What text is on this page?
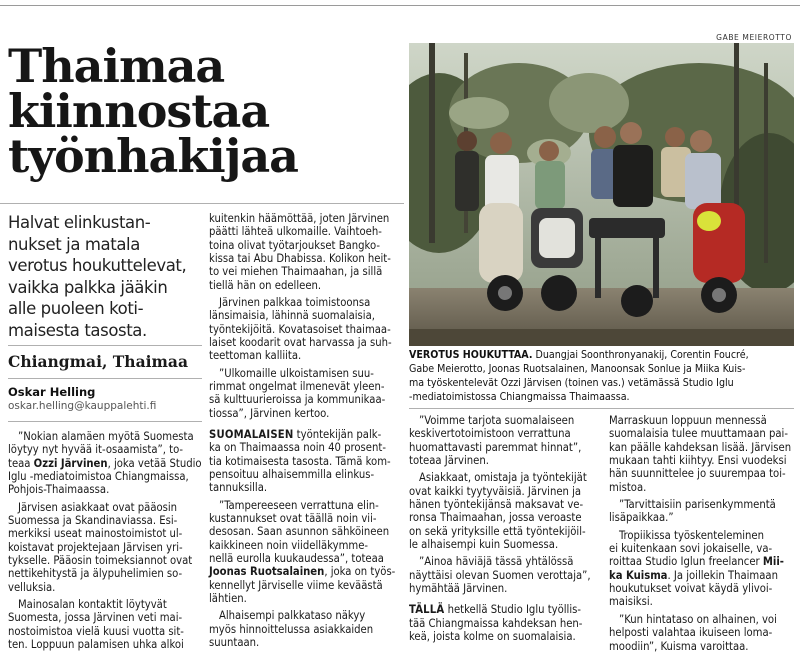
GABE MEIEROTTO
Thaimaa
kiinnostaa
työnhakijaa

Halvat elinkustan-
nukset ja matala
verotus houkuttelevat,
vaikka palkka jääkin
alle puoleen koti-
maisesta tasosta.

Chiangmai, Thaimaa
Oskar Helling
oskar.helling@kauppalehti.fi

VEROTUS HOUKUTTAA. Duangjai Soonthronyanakij, Corentin Foucré,
Gabe Meierotto, Joonas Ruotsalainen, Manoonsak Sonlue ja Miika Kuis-
ma työskentelevät Ozzi Järvisen (toinen vas.) vetämässä Studio Iglu
-mediatoimistossa Chiangmaissa Thaimaassa.

”Nokian alamäen myötä Suomesta
löytyy nyt hyvää it-osaamista”, to-
teaa Ozzi Järvinen, joka vetää Studio
Iglu -mediatoimistoa Chiangmaissa,
Pohjois-Thaimaassa.
Järvisen asiakkaat ovat pääosin
Suomessa ja Skandinaviassa. Esi-
merkiksi useat mainostoimistot ul-
koistavat projektejaan Järvisen yri-
tykselle. Pääosin toimeksiannot ovat
nettikehitystä ja älypuhelimien so-
velluksia.
Mainosalan kontaktit löytyvät
Suomesta, jossa Järvinen veti mai-
nostoimistoa vielä kuusi vuotta sit-
ten. Loppuun palamisen uhka alkoi
kuitenkin häämöttää, joten Järvinen
päätti lähteä ulkomaille. Vaihtoeh-
toina olivat työtarjoukset Bangko-
kissa tai Abu Dhabissa. Kolikon heit-
to vei miehen Thaimaahan, ja sillä
tiellä hän on edelleen.
Järvinen palkkaa toimistoonsa
länsimaisia, lähinnä suomalaisia,
työntekijöitä. Kovatasoiset thaimaa-
laiset koodarit ovat harvassa ja suh-
teettoman kalliita.
”Ulkomaille ulkoistamisen suu-
rimmat ongelmat ilmenevät yleen-
sä kulttuurieroissa ja kommunikaa-
tiossa”, Järvinen kertoo.
SUOMALAISEN työntekijän palk-
ka on Thaimaassa noin 40 prosent-
tia kotimaisesta tasosta. Tämä kom-
pensoituu alhaisemmilla elinkus-
tannuksilla.
”Tampereeseen verrattuna elin-
kustannukset ovat täällä noin vii-
desosan. Saan asunnon sähköineen
kaikkineen noin viidelläkymme-
nellä eurolla kuukaudessa”, toteaa
Joonas Ruotsalainen, joka on työs-
kennellyt Järviselle viime keväästä
lähtien.
Alhaisempi palkkataso näkyy
myös hinnoittelussa asiakkaiden
suuntaan.
”Voimme tarjota suomalaiseen
keskivertotoimistoon verrattuna
huomattavasti paremmat hinnat”,
toteaa Järvinen.
Asiakkaat, omistaja ja työntekijät
ovat kaikki tyytyväisiä. Järvinen ja
hänen työntekijänsä maksavat ve-
ronsa Thaimaahan, jossa veroaste
on sekä yrityksille että työntekijöil-
le alhaisempi kuin Suomessa.
”Ainoa häviäjä tässä yhtälössä
näyttäisi olevan Suomen verottaja”,
hymähtää Järvinen.
TÄLLÄ hetkellä Studio Iglu työllis-
tää Chiangmaissa kahdeksan hen-
keä, joista kolme on suomalaisia.
Marraskuun loppuun mennessä
suomalaisia tulee muuttamaan pai-
kan päälle kahdeksan lisää. Järvisen
mukaan tahti kiihtyy. Ensi vuodeksi
hän suunnittelee jo suurempaa toi-
mistoa.
”Tarvittaisiin parisenkymmentä
lisäpaikkaa.”
Tropiikissa työskenteleminen
ei kuitenkaan sovi jokaiselle, va-
roittaa Studio Iglun freelancer Mii-
ka Kuisma. Ja joillekin Thaimaan
houkutukset voivat käydä ylivoi-
maisiksi.
”Kun hintataso on alhainen, voi
helposti valahtaa ikuiseen loma-
moodiin”, Kuisma varoittaa.
